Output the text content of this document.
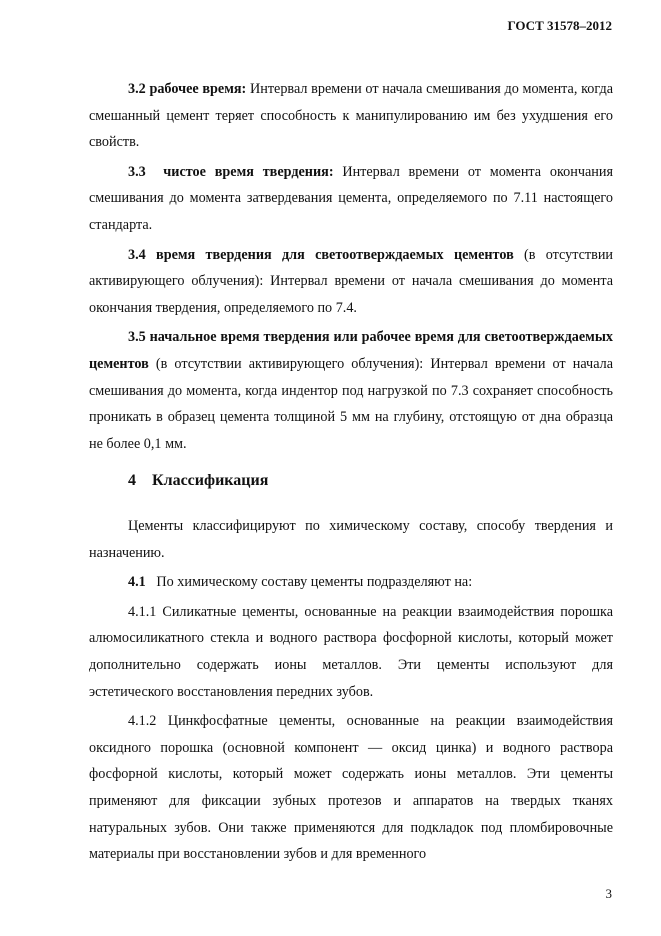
ГОСТ 31578–2012

3.2 рабочее время: Интервал времени от начала смешивания до момента, когда смешанный цемент теряет способность к манипулированию им без ухудшения его свойств.

3.3 чистое время твердения: Интервал времени от момента окончания смешивания до момента затвердевания цемента, определяемого по 7.11 настоящего стандарта.

3.4 время твердения для светоотверждаемых цементов (в отсутствии активирующего облучения): Интервал времени от начала смешивания до момента окончания твердения, определяемого по 7.4.

3.5 начальное время твердения или рабочее время для светоотверждаемых цементов (в отсутствии активирующего облучения): Интервал времени от начала смешивания до момента, когда индентор под нагрузкой по 7.3 сохраняет способность проникать в образец цемента толщиной 5 мм на глубину, отстоящую от дна образца не более 0,1 мм.

4 Классификация

Цементы классифицируют по химическому составу, способу твердения и назначению.

4.1 По химическому составу цементы подразделяют на:

4.1.1 Силикатные цементы, основанные на реакции взаимодействия порошка алюмосиликатного стекла и водного раствора фосфорной кислоты, который может дополнительно содержать ионы металлов. Эти цементы используют для эстетического восстановления передних зубов.

4.1.2 Цинкфосфатные цементы, основанные на реакции взаимодействия оксидного порошка (основной компонент — оксид цинка) и водного раствора фосфорной кислоты, который может содержать ионы металлов. Эти цементы применяют для фиксации зубных протезов и аппаратов на твердых тканях натуральных зубов. Они также применяются для подкладок под пломбировочные материалы при восстановлении зубов и для временного

3
